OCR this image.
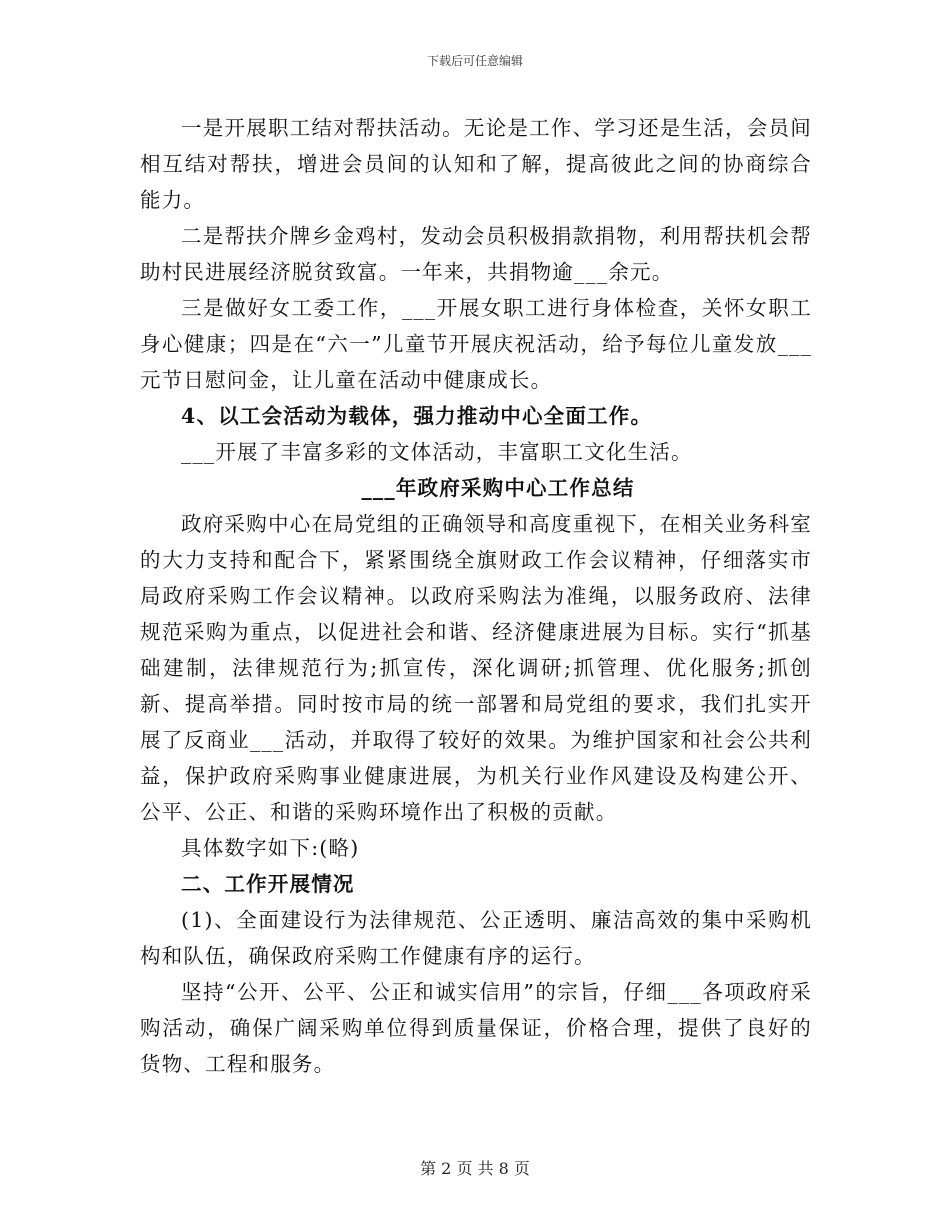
下载后可任意编辑

一是开展职工结对帮扶活动。无论是工作、学习还是生活，会员间相互结对帮扶，增进会员间的认知和了解，提高彼此之间的协商综合能力。

二是帮扶介牌乡金鸡村，发动会员积极捐款捐物，利用帮扶机会帮助村民进展经济脱贫致富。一年来，共捐物逾___余元。

三是做好女工委工作，___开展女职工进行身体检查，关怀女职工身心健康；四是在“六一”儿童节开展庆祝活动，给予每位儿童发放___元节日慰问金，让儿童在活动中健康成长。

4、以工会活动为载体，强力推动中心全面工作。

___开展了丰富多彩的文体活动，丰富职工文化生活。

___年政府采购中心工作总结

政府采购中心在局党组的正确领导和高度重视下，在相关业务科室的大力支持和配合下，紧紧围绕全旗财政工作会议精神，仔细落实市局政府采购工作会议精神。以政府采购法为准绳，以服务政府、法律规范采购为重点，以促进社会和谐、经济健康进展为目标。实行“抓基础建制，法律规范行为;抓宣传，深化调研;抓管理、优化服务;抓创新、提高举措。同时按市局的统一部署和局党组的要求，我们扎实开展了反商业___活动，并取得了较好的效果。为维护国家和社会公共利益，保护政府采购事业健康进展，为机关行业作风建设及构建公开、公平、公正、和谐的采购环境作出了积极的贡献。

具体数字如下:(略)

二、工作开展情况

(1)、全面建设行为法律规范、公正透明、廉洁高效的集中采购机构和队伍，确保政府采购工作健康有序的运行。

坚持“公开、公平、公正和诚实信用”的宗旨，仔细___各项政府采购活动，确保广阔采购单位得到质量保证，价格合理，提供了良好的货物、工程和服务。

第 2 页 共 8 页
